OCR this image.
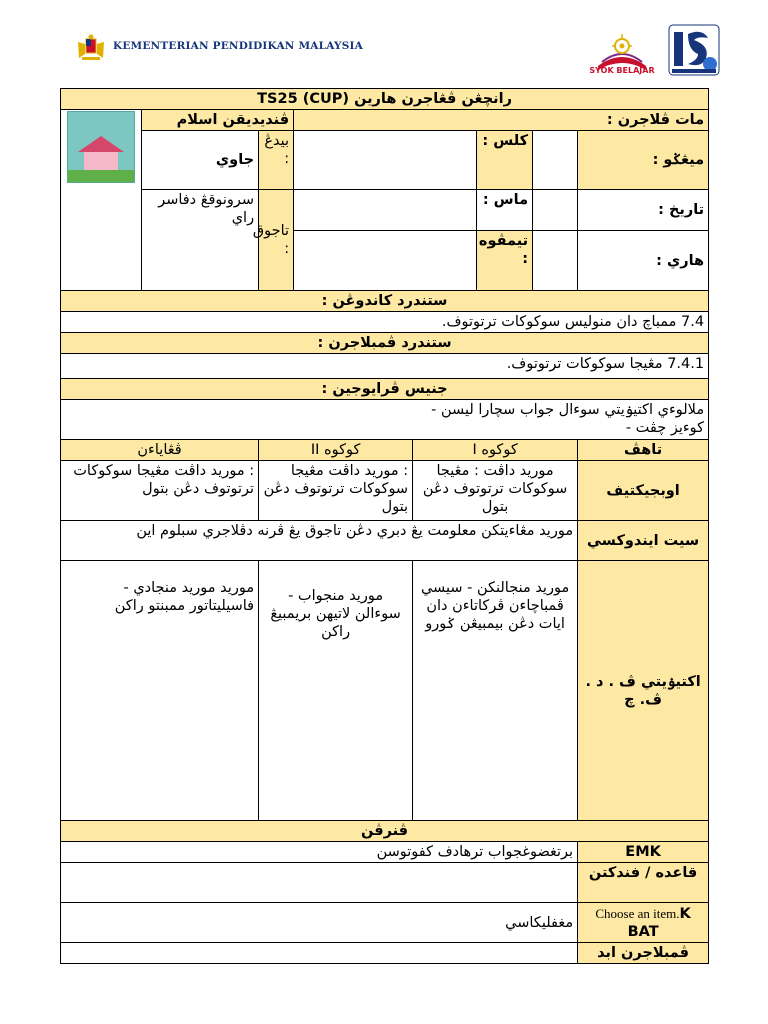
KEMENTERIAN PENDIDIKAN MALAYSIA
SYOK BELAJAR
رانچڠن ڤڠاجرن هارين (TS25 (CUP							
مات ڤلاجرن :					ڤنديديقن اسلام		

ميڠݢو :		کلس :			بيدڠ :	جاوي	
تاريخ :		ماس :			تاجوق :	سرونوقڠ دفاسر راي	
هاري :		تيمڤوه :					
ستندرد کاندوڠن :							
7.4 ممباچ دان منوليس سوکوکات ترتوتوف.							
ستندرد ڤمبلاجرن :							
7.4.1 مڠيجا سوکوکات ترتوتوف.							
جنيس ڤرايوجين :							

ملالوءي اکتيۏيتي سوءال جواب سچارا ليسن -
کوءيز چڤت -							

تاهڤ	کوکوه I			کوکوه II		ڤڠاياءن	
اوبجيکتيف	موريد داڤت : مڠيجا سوکوکات ترتوتوف دڠن بتول			: موريد داڤت مڠيجا سوکوکات ترتوتوف دڠن بتول		: موريد داڤت مڠيجا سوکوکات ترتوتوف دڠن بتول	
سيت ايندوکسي	موريد مڠاءيتکن معلومت يڠ دبري دڠن تاجوق يڠ ڤرنه دڤلاجري سبلوم اين						
اکتيۏيتي ڤ . د . ڤ. چ	موريد منجالنکن - سيسي ڤمباچاءن ڤرکاتاءن دان ايات دڠن بيمبيڠن ݢورو			موريد منجواب - سوءالن لاتيهن بريمبيڠ راکن		موريد موريد منجادي - فاسيليتاتور ممبنتو راکن	
ڤنرڤن							
EMK	برتغضوغجواب ترهادف کفوتوسن						
قاعده / فندکتن							
Choose an item.K BAT	مغفليکاسي						
ڤمبلاجرن ابد							
